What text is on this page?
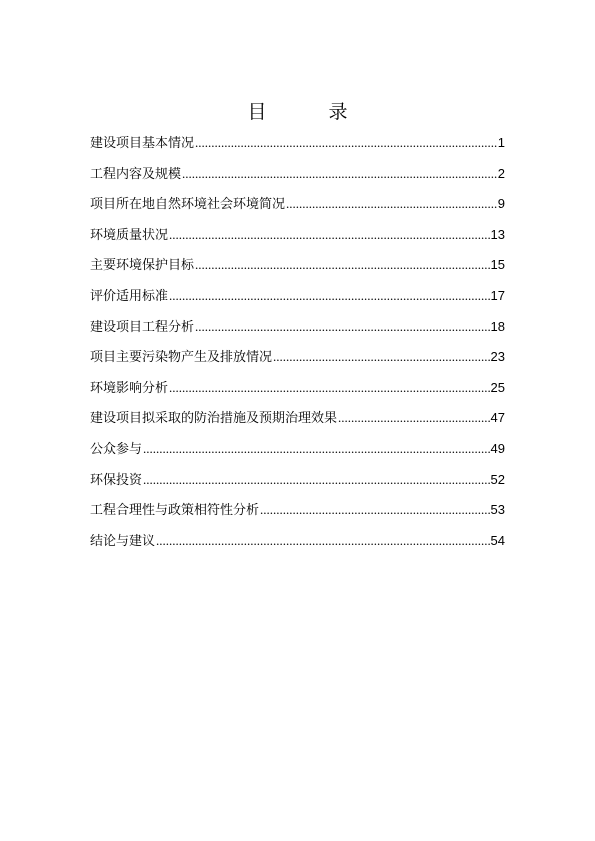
目 录
建设项目基本情况 .....	1
工程内容及规模 .....	2
项目所在地自然环境社会环境简况 .....	9
环境质量状况 .....	13
主要环境保护目标 .....	15
评价适用标准 .....	17
建设项目工程分析 .....	18
项目主要污染物产生及排放情况 .....	23
环境影响分析 .....	25
建设项目拟采取的防治措施及预期治理效果 .....	47
公众参与 .....	49
环保投资 .....	52
工程合理性与政策相符性分析 .....	53
结论与建议 .....	54
